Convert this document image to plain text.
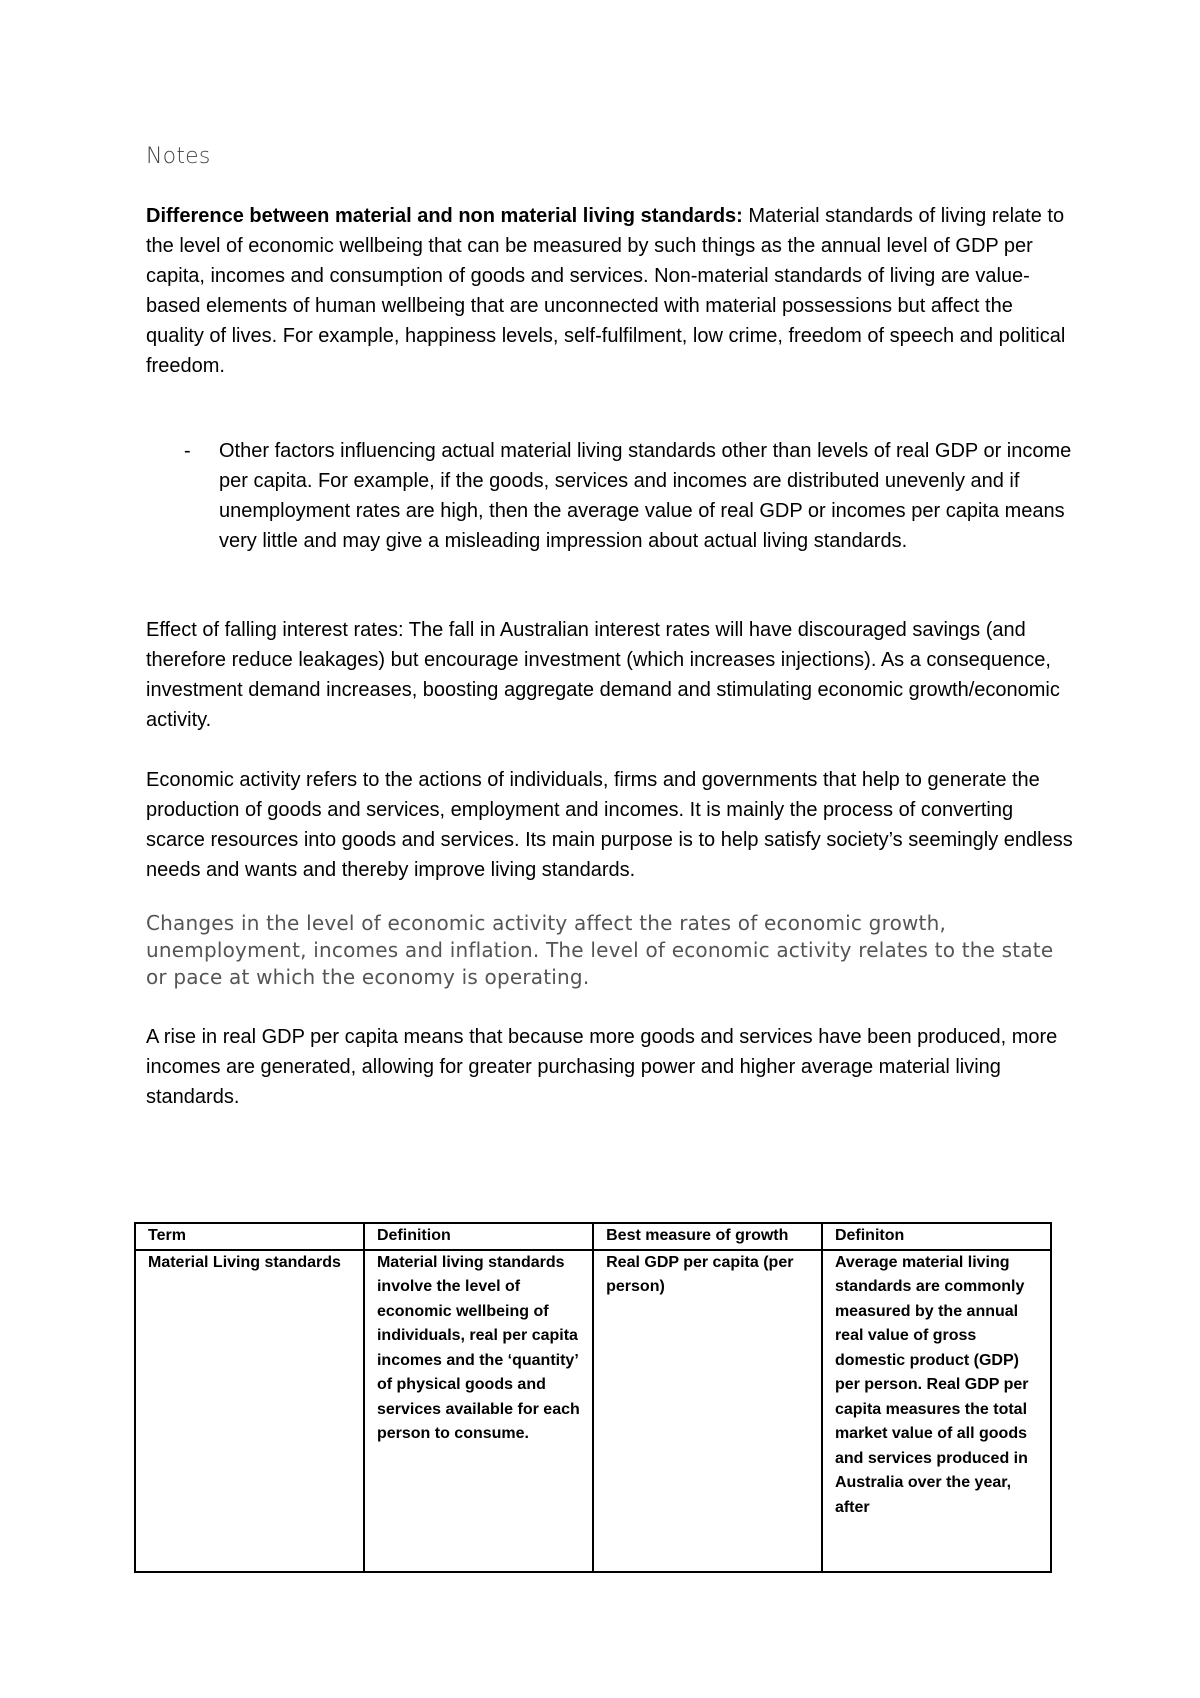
Notes
Difference between material and non material living standards: Material standards of living relate to the level of economic wellbeing that can be measured by such things as the annual level of GDP per capita, incomes and consumption of goods and services. Non-material standards of living are value-based elements of human wellbeing that are unconnected with material possessions but affect the quality of lives. For example, happiness levels, self-fulfilment, low crime, freedom of speech and political freedom.
- Other factors influencing actual material living standards other than levels of real GDP or income per capita. For example, if the goods, services and incomes are distributed unevenly and if unemployment rates are high, then the average value of real GDP or incomes per capita means very little and may give a misleading impression about actual living standards.
Effect of falling interest rates: The fall in Australian interest rates will have discouraged savings (and therefore reduce leakages) but encourage investment (which increases injections). As a consequence, investment demand increases, boosting aggregate demand and stimulating economic growth/economic activity.
Economic activity refers to the actions of individuals, firms and governments that help to generate the production of goods and services, employment and incomes. It is mainly the process of converting scarce resources into goods and services. Its main purpose is to help satisfy society’s seemingly endless needs and wants and thereby improve living standards.
Changes in the level of economic activity affect the rates of economic growth, unemployment, incomes and inflation. The level of economic activity relates to the state or pace at which the economy is operating.
A rise in real GDP per capita means that because more goods and services have been produced, more incomes are generated, allowing for greater purchasing power and higher average material living standards.
Term	Definition	Best measure of growth	Definiton
Material Living standards	Material living standards involve the level of economic wellbeing of individuals, real per capita incomes and the ‘quantity’ of physical goods and services available for each person to consume.	Real GDP per capita (per person)	Average material living standards are commonly measured by the annual real value of gross domestic product (GDP) per person. Real GDP per capita measures the total market value of all goods and services produced in Australia over the year, after
